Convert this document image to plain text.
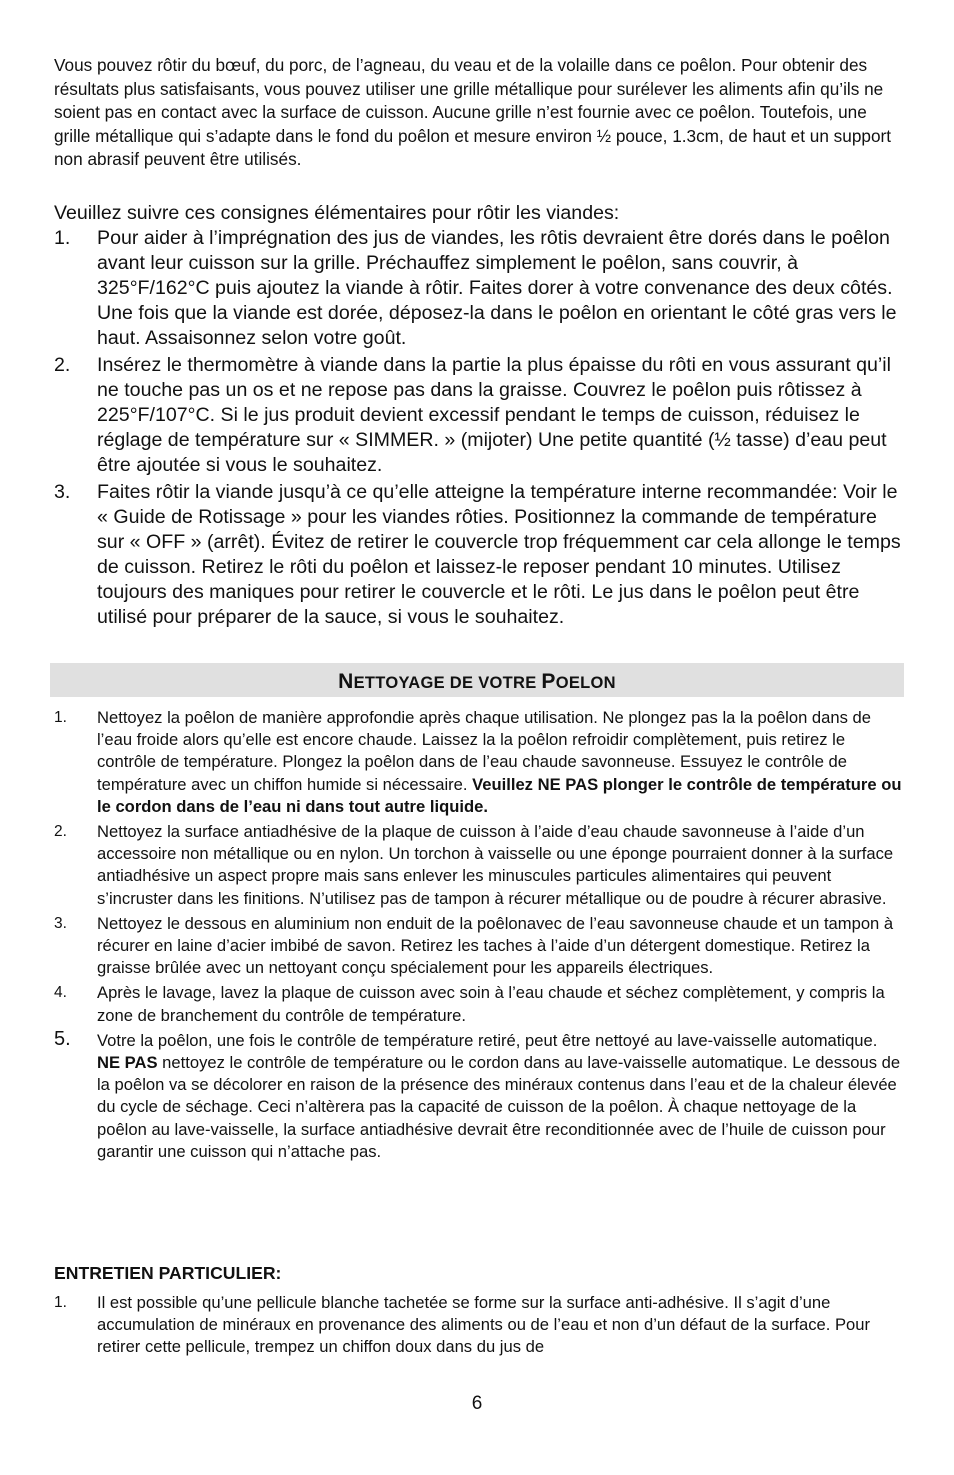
Vous pouvez rôtir du bœuf, du porc, de l’agneau, du veau et de la volaille dans ce poêlon. Pour obtenir des résultats plus satisfaisants, vous pouvez utiliser une grille métallique pour surélever les aliments afin qu’ils ne soient pas en contact avec la surface de cuisson. Aucune grille n’est fournie avec ce poêlon. Toutefois, une grille métallique qui s’adapte dans le fond du poêlon et mesure environ ½ pouce, 1.3cm, de haut et un support non abrasif peuvent être utilisés.

Veuillez suivre ces consignes élémentaires pour rôtir les viandes:

1. Pour aider à l’imprégnation des jus de viandes, les rôtis devraient être dorés dans le poêlon avant leur cuisson sur la grille. Préchauffez simplement le poêlon, sans couvrir, à 325°F/162°C puis ajoutez la viande à rôtir. Faites dorer à votre convenance des deux côtés. Une fois que la viande est dorée, déposez-la dans le poêlon en orientant le côté gras vers le haut. Assaisonnez selon votre goût.
2. Insérez le thermomètre à viande dans la partie la plus épaisse du rôti en vous assurant qu’il ne touche pas un os et ne repose pas dans la graisse. Couvrez le poêlon puis rôtissez à 225°F/107°C. Si le jus produit devient excessif pendant le temps de cuisson, réduisez le réglage de température sur « SIMMER. » (mijoter) Une petite quantité (½ tasse) d’eau peut être ajoutée si vous le souhaitez.
3. Faites rôtir la viande jusqu’à ce qu’elle atteigne la température interne recommandée: Voir le « Guide de Rotissage » pour les viandes rôties. Positionnez la commande de température sur « OFF » (arrêt). Évitez de retirer le couvercle trop fréquemment car cela allonge le temps de cuisson. Retirez le rôti du poêlon et laissez-le reposer pendant 10 minutes. Utilisez toujours des maniques pour retirer le couvercle et le rôti. Le jus dans le poêlon peut être utilisé pour préparer de la sauce, si vous le souhaitez.
NETTOYAGE DE VOTRE POELON
1. Nettoyez la poêlon de manière approfondie après chaque utilisation. Ne plongez pas la la poêlon dans de l’eau froide alors qu’elle est encore chaude. Laissez la la poêlon refroidir complètement, puis retirez le contrôle de température. Plongez la poêlon dans de l’eau chaude savonneuse. Essuyez le contrôle de température avec un chiffon humide si nécessaire. Veuillez NE PAS plonger le contrôle de température ou le cordon dans de l’eau ni dans tout autre liquide.
2. Nettoyez la surface antiadhésive de la plaque de cuisson à l’aide d’eau chaude savonneuse à l’aide d’un accessoire non métallique ou en nylon. Un torchon à vaisselle ou une éponge pourraient donner à la surface antiadhésive un aspect propre mais sans enlever les minuscules particules alimentaires qui peuvent s’incruster dans les finitions. N’utilisez pas de tampon à récurer métallique ou de poudre à récurer abrasive.
3. Nettoyez le dessous en aluminium non enduit de la poêlonavec de l’eau savonneuse chaude et un tampon à récurer en laine d’acier imbibé de savon. Retirez les taches à l’aide d’un détergent domestique. Retirez la graisse brûlée avec un nettoyant conçu spécialement pour les appareils électriques.
4. Après le lavage, lavez la plaque de cuisson avec soin à l’eau chaude et séchez complètement, y compris la zone de branchement du contrôle de température.
5. Votre la poêlon, une fois le contrôle de température retiré, peut être nettoyé au lave-vaisselle automatique. NE PAS nettoyez le contrôle de température ou le cordon dans au lave-vaisselle automatique. Le dessous de la poêlon va se décolorer en raison de la présence des minéraux contenus dans l’eau et de la chaleur élevée du cycle de séchage. Ceci n’altèrera pas la capacité de cuisson de la poêlon. À chaque nettoyage de la poêlon au lave-vaisselle, la surface antiadhésive devrait être reconditionnée avec de l’huile de cuisson pour garantir une cuisson qui n’attache pas.
ENTRETIEN PARTICULIER:
1. Il est possible qu’une pellicule blanche tachetée se forme sur la surface anti-adhésive. Il s’agit d’une accumulation de minéraux en provenance des aliments ou de l’eau et non d’un défaut de la surface. Pour retirer cette pellicule, trempez un chiffon doux dans du jus de
6
